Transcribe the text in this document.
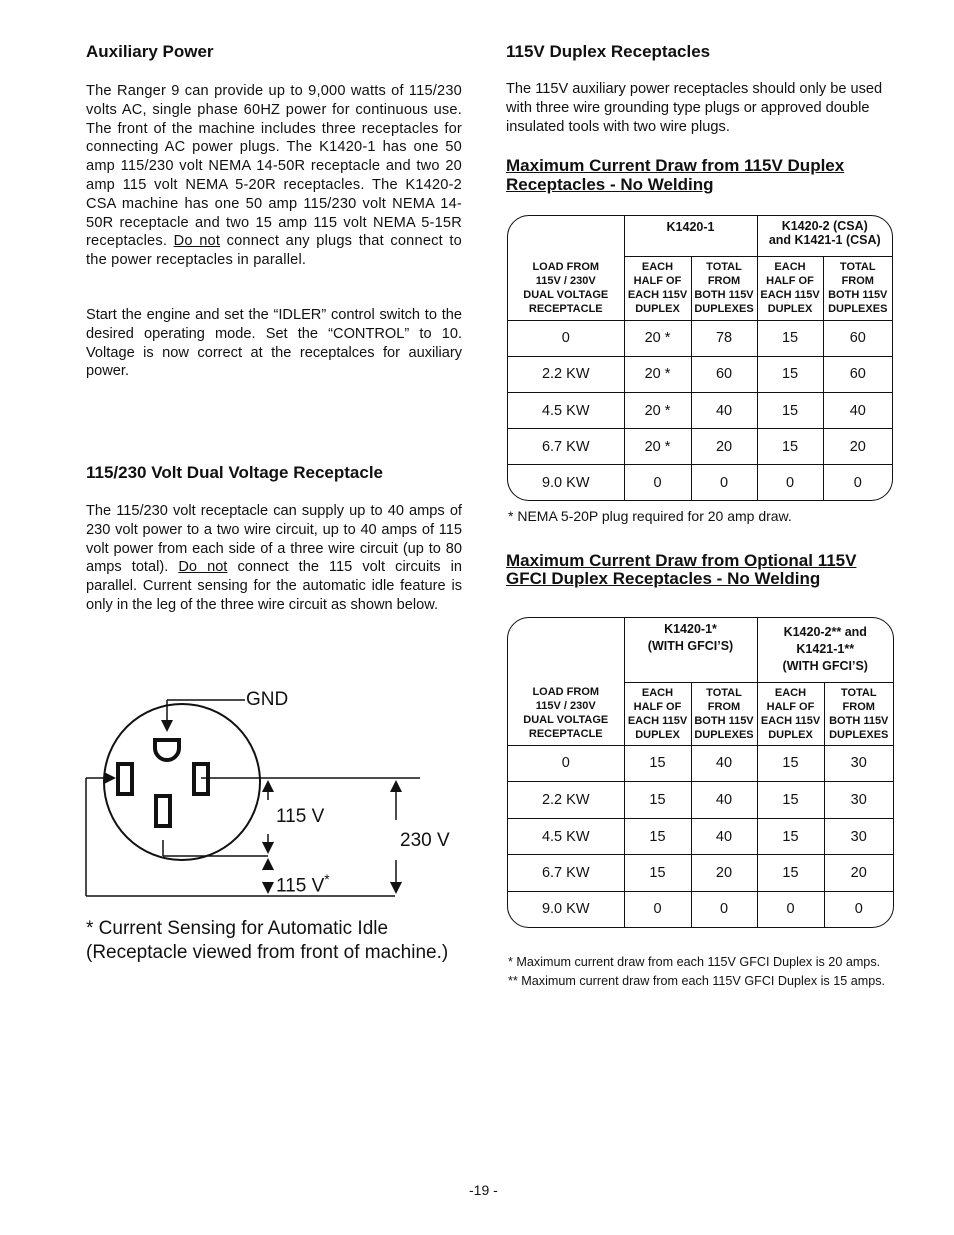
Auxiliary Power

The Ranger 9 can provide up to 9,000 watts of 115/230 volts AC, single phase 60HZ power for continuous use. The front of the machine includes three receptacles for connecting AC power plugs. The K1420-1 has one 50 amp 115/230 volt NEMA 14-50R receptacle and two 20 amp 115 volt NEMA 5-20R receptacles. The K1420-2 CSA machine has one 50 amp 115/230 volt NEMA 14-50R receptacle and two 15 amp 115 volt NEMA 5-15R receptacles. Do not connect any plugs that connect to the power receptacles in parallel.

Start the engine and set the “IDLER” control switch to the desired operating mode. Set the “CONTROL” to 10. Voltage is now correct at the receptalces for auxiliary power.

115/230 Volt Dual Voltage Receptacle

The 115/230 volt receptacle can supply up to 40 amps of 230 volt power to a two wire circuit, up to 40 amps of 115 volt power from each side of a three wire circuit (up to 80 amps total). Do not connect the 115 volt circuits in parallel. Current sensing for the automatic idle feature is only in the leg of the three wire circuit as shown below.

GND
115 V
230 V
115 V*
* Current Sensing for Automatic Idle
(Receptacle viewed from front of machine.)
115V Duplex Receptacles

The 115V auxiliary power receptacles should only be used with three wire grounding type plugs or approved double insulated tools with two wire plugs.

Maximum Current Draw from 115V Duplex

Receptacles - No Welding

	K1420-1		K1420-2 (CSA)
and K1421-1 (CSA)	
LOAD FROM
115V / 230V
DUAL VOLTAGE
RECEPTACLE	EACH
HALF OF
EACH 115V
DUPLEX	TOTAL
FROM
BOTH 115V
DUPLEXES	EACH
HALF OF
EACH 115V
DUPLEX	TOTAL
FROM
BOTH 115V
DUPLEXES
0	20 *	78	15	60
2.2 KW	20 *	60	15	60
4.5 KW	20 *	40	15	40
6.7 KW	20 *	20	15	20
9.0 KW	0	0	0	0
* NEMA 5-20P plug required for 20 amp draw.

Maximum Current Draw from Optional 115V

GFCI Duplex Receptacles - No Welding

	K1420-1*
(WITH GFCI’S)		K1420-2** and
K1421-1**
(WITH GFCI’S)	
LOAD FROM
115V / 230V
DUAL VOLTAGE
RECEPTACLE	EACH
HALF OF
EACH 115V
DUPLEX	TOTAL
FROM
BOTH 115V
DUPLEXES	EACH
HALF OF
EACH 115V
DUPLEX	TOTAL
FROM
BOTH 115V
DUPLEXES
0	15	40	15	30
2.2 KW	15	40	15	30
4.5 KW	15	40	15	30
6.7 KW	15	20	15	20
9.0 KW	0	0	0	0
* Maximum current draw from each 115V GFCI Duplex is 20 amps.
** Maximum current draw from each 115V GFCI Duplex is 15 amps.
-19 -
